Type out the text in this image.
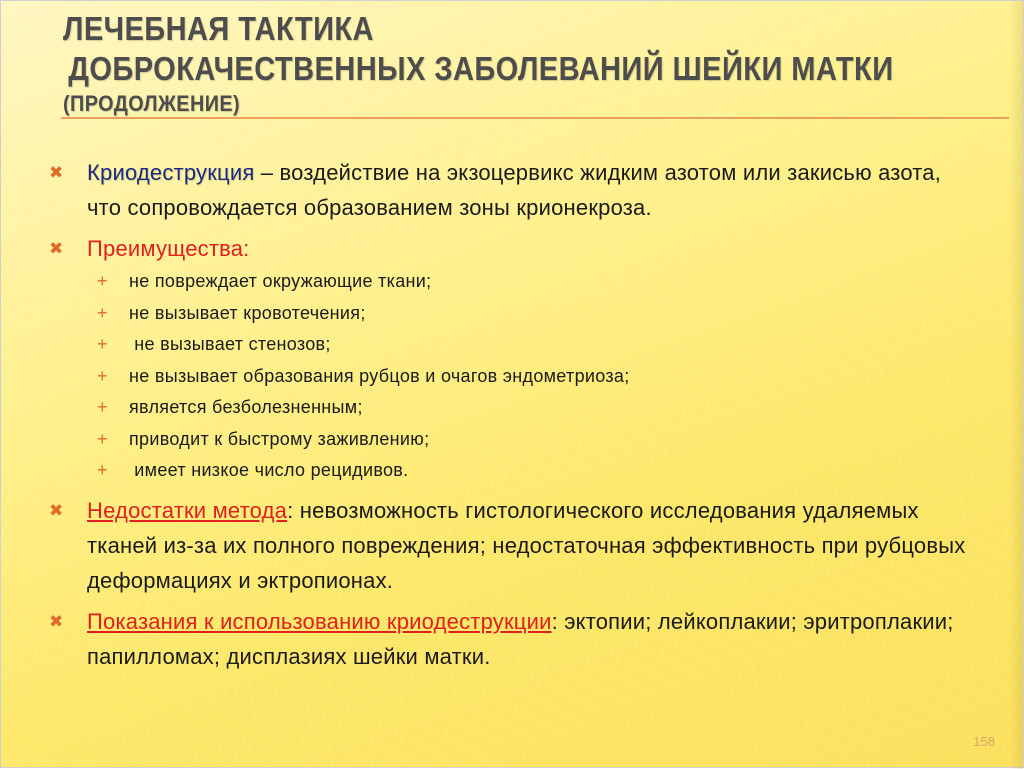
ЛЕЧЕБНАЯ ТАКТИКА
ДОБРОКАЧЕСТВЕННЫХ ЗАБОЛЕВАНИЙ ШЕЙКИ МАТКИ
(ПРОДОЛЖЕНИЕ)
✖ Криодеструкция – воздействие на экзоцервикс жидким азотом или закисью азота, что сопровождается образованием зоны крионекроза.
✖ Преимущества:
+ не повреждает окружающие ткани;
+ не вызывает кровотечения;
+ не вызывает стенозов;
+ не вызывает образования рубцов и очагов эндометриоза;
+ является безболезненным;
+ приводит к быстрому заживлению;
+ имеет низкое число рецидивов.
✖ Недостатки метода: невозможность гистологического исследования удаляемых тканей из-за их полного повреждения; недостаточная эффективность при рубцовых деформациях и эктропионах.
✖ Показания к использованию криодеструкции: эктопии; лейкоплакии; эритроплакии; папилломах; дисплазиях шейки матки.
158
